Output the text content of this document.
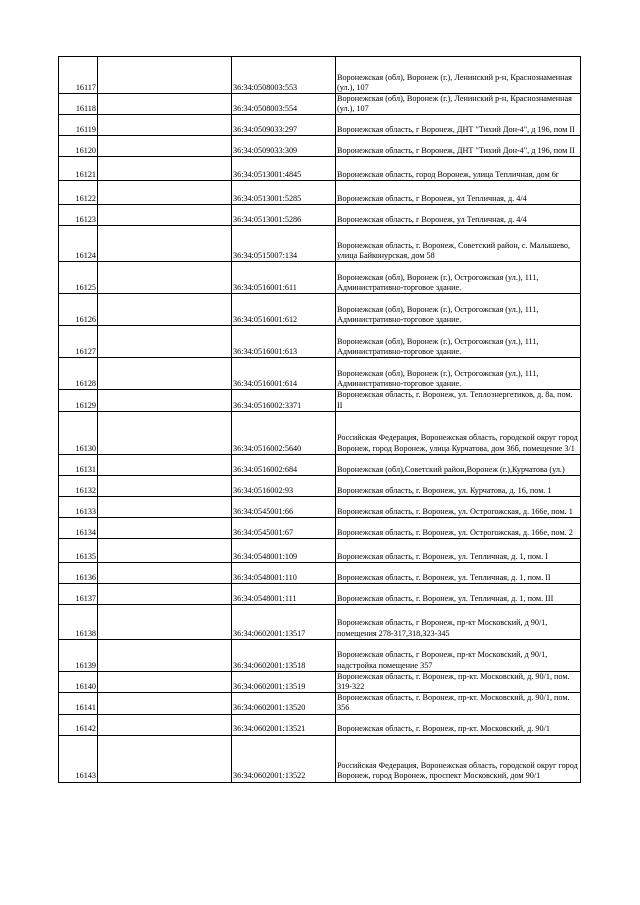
16117		36:34:0508003:553	Воронежская (обл), Воронеж (г.), Ленинский р-н, Краснознаменная (ул.), 107
16118		36:34:0508003:554	Воронежская (обл), Воронеж (г.), Ленинский р-н, Краснознаменная (ул.), 107
16119		36:34:0509033:297	Воронежская область, г Воронеж, ДНТ "Тихий Дон-4", д 196, пом II
16120		36:34:0509033:309	Воронежская область, г Воронеж, ДНТ "Тихий Дон-4", д 196, пом II
16121		36:34:0513001:4845	Воронежская область, город Воронеж, улица Тепличная, дом 6г
16122		36:34:0513001:5285	Воронежская область, г Воронеж, ул Тепличная, д. 4/4
16123		36:34:0513001:5286	Воронежская область, г Воронеж, ул Тепличная, д. 4/4
16124		36:34:0515007:134	Воронежская область, г. Воронеж, Советский район, с. Малышево, улица Байконурская, дом 58
16125		36:34:0516001:611	Воронежская (обл), Воронеж (г.), Острогожская (ул.), 111, Административно-торговое здание.
16126		36:34:0516001:612	Воронежская (обл), Воронеж (г.), Острогожская (ул.), 111, Административно-торговое здание.
16127		36:34:0516001:613	Воронежская (обл), Воронеж (г.), Острогожская (ул.), 111, Административно-торговое здание.
16128		36:34:0516001:614	Воронежская (обл), Воронеж (г.), Острогожская (ул.), 111, Административно-торговое здание.
16129		36:34:0516002:3371	Воронежская область, г. Воронеж, ул. Теплоэнергетиков, д. 8а, пом. II
16130		36:34:0516002:5640	Российская Федерация, Воронежская область, городской округ город Воронеж, город Воронеж, улица Курчатова, дом 36б, помещение 3/1
16131		36:34:0516002:684	Воронежская (обл),Советский район,Воронеж (г.),Курчатова (ул.)
16132		36:34:0516002:93	Воронежская область, г. Воронеж, ул. Курчатова, д. 16, пом. 1
16133		36:34:0545001:66	Воронежская область, г. Воронеж, ул. Острогожская, д. 166е, пом. 1
16134		36:34:0545001:67	Воронежская область, г. Воронеж, ул. Острогожская, д. 166е, пом. 2
16135		36:34:0548001:109	Воронежская область, г. Воронеж, ул. Тепличная, д. 1, пом. I
16136		36:34:0548001:110	Воронежская область, г. Воронеж, ул. Тепличная, д. 1, пом. II
16137		36:34:0548001:111	Воронежская область, г. Воронеж, ул. Тепличная, д. 1, пом. III
16138		36:34:0602001:13517	Воронежская область, г Воронеж, пр-кт Московский, д 90/1, помещения 278-317,318,323-345
16139		36:34:0602001:13518	Воронежская область, г Воронеж, пр-кт Московский, д 90/1, надстройка помещение 357
16140		36:34:0602001:13519	Воронежская область, г. Воронеж, пр-кт. Московский, д. 90/1, пом. 319-322
16141		36:34:0602001:13520	Воронежская область, г. Воронеж, пр-кт. Московский, д. 90/1, пом. 356
16142		36:34:0602001:13521	Воронежская область, г. Воронеж, пр-кт. Московский, д. 90/1
16143		36:34:0602001:13522	Российская Федерация, Воронежская область, городской округ город Воронеж, город Воронеж, проспект Московский, дом 90/1
